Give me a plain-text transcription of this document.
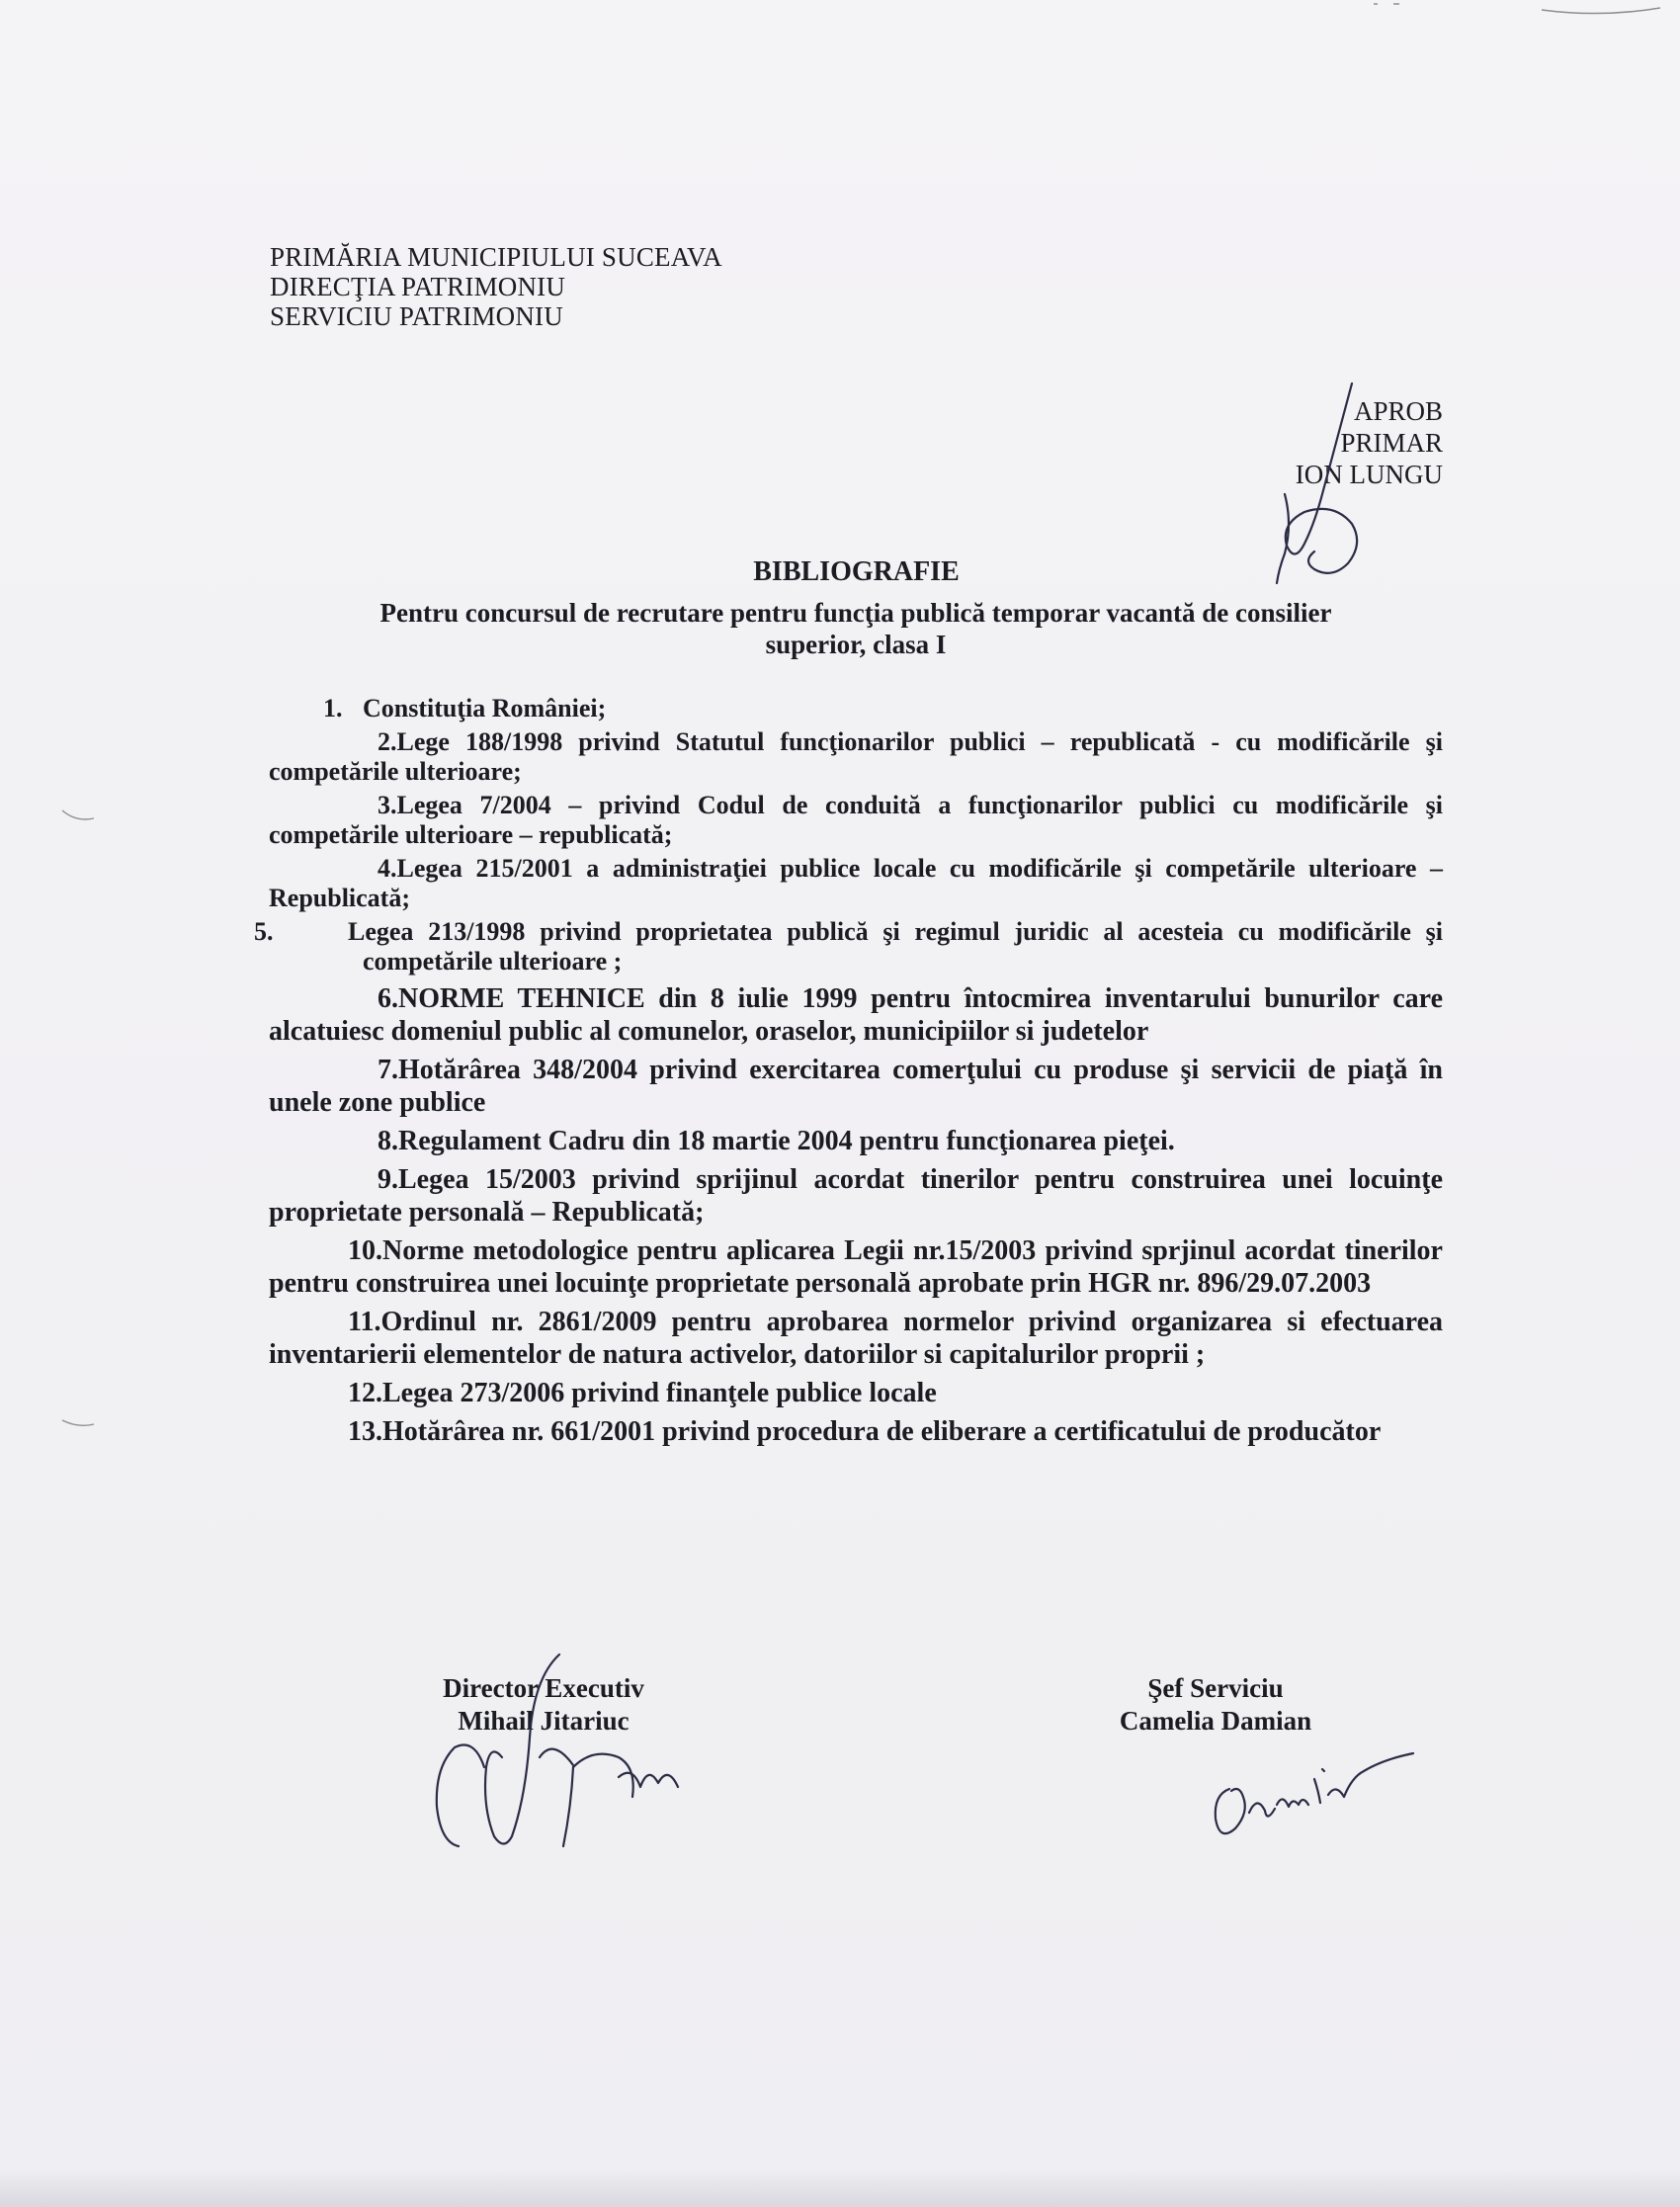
PRIMĂRIA MUNICIPIULUI SUCEAVA
DIRECŢIA PATRIMONIU
SERVICIU PATRIMONIU
APROB
PRIMAR
ION LUNGU
BIBLIOGRAFIE
Pentru concursul de recrutare pentru funcţia publică temporar vacantă de consilier
superior, clasa I
1. Constituţia României;
2.Lege 188/1998 privind Statutul funcţionarilor publici – republicată - cu modificările şi competările ulterioare;
3.Legea 7/2004 – privind Codul de conduită a funcţionarilor publici cu modificările şi competările ulterioare – republicată;
4.Legea 215/2001 a administraţiei publice locale cu modificările şi competările ulterioare – Republicată;
5.	Legea 213/1998 privind proprietatea publică şi regimul juridic al acesteia cu modificările şi competările ulterioare ;
6.NORME TEHNICE din 8 iulie 1999 pentru întocmirea inventarului bunurilor care alcatuiesc domeniul public al comunelor, oraselor, municipiilor si judetelor
7.Hotărârea 348/2004 privind exercitarea comerţului cu produse şi servicii de piaţă în unele zone publice
8.Regulament Cadru din 18 martie 2004 pentru funcţionarea pieţei.
9.Legea 15/2003 privind sprijinul acordat tinerilor pentru construirea unei locuinţe proprietate personală – Republicată;
10.Norme metodologice pentru aplicarea Legii nr.15/2003 privind sprjinul acordat tinerilor pentru construirea unei locuinţe proprietate personală aprobate prin HGR nr. 896/29.07.2003
11.Ordinul nr. 2861/2009 pentru aprobarea normelor privind organizarea si efectuarea inventarierii elementelor de natura activelor, datoriilor si capitalurilor proprii ;
12.Legea 273/2006 privind finanţele publice locale
13.Hotărârea nr. 661/2001 privind procedura de eliberare a certificatului de producător
Director Executiv
Mihail Jitariuc
Şef Serviciu
Camelia Damian
